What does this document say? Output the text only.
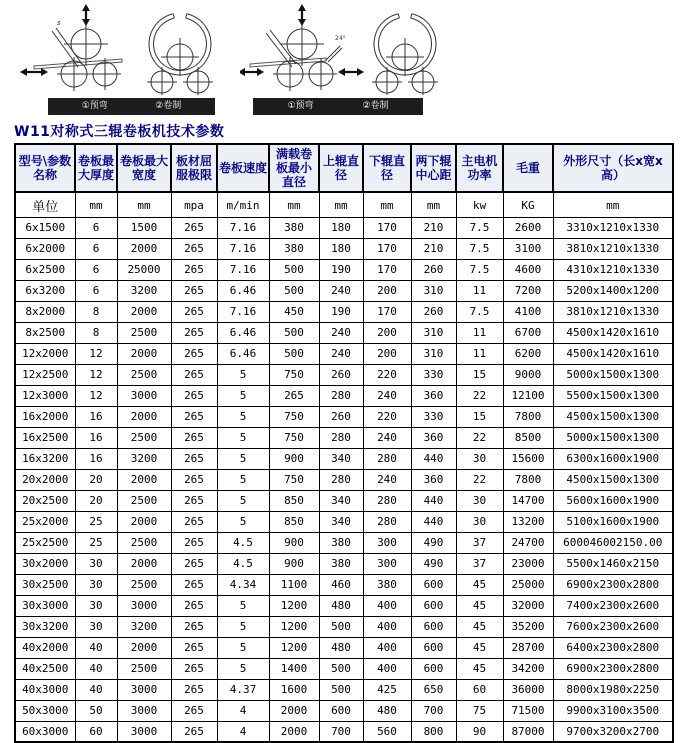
s
①预弯	②卷制
24°
①预弯	②卷制
W11对称式三辊卷板机技术参数
型号\参数名称	卷板最大厚度	卷板最大宽度	板材屈服极限	卷板速度	满载卷板最小直径	上辊直径	下辊直径	两下辊中心距	主电机功率	毛重	外形尺寸（长x宽x高）
单位	mm	mm	mpa	m/min	mm	mm	mm	mm	kw	KG	mm
6x1500	6	1500	265	7.16	380	180	170	210	7.5	2600	3310x1210x1330
6x2000	6	2000	265	7.16	380	180	170	210	7.5	3100	3810x1210x1330
6x2500	6	25000	265	7.16	500	190	170	260	7.5	4600	4310x1210x1330
6x3200	6	3200	265	6.46	500	240	200	310	11	7200	5200x1400x1200
8x2000	8	2000	265	7.16	450	190	170	260	7.5	4100	3810x1210x1330
8x2500	8	2500	265	6.46	500	240	200	310	11	6700	4500x1420x1610
12x2000	12	2000	265	6.46	500	240	200	310	11	6200	4500x1420x1610
12x2500	12	2500	265	5	750	260	220	330	15	9000	5000x1500x1300
12x3000	12	3000	265	5	265	280	240	360	22	12100	5500x1500x1300
16x2000	16	2000	265	5	750	260	220	330	15	7800	4500x1500x1300
16x2500	16	2500	265	5	750	280	240	360	22	8500	5000x1500x1300
16x3200	16	3200	265	5	900	340	280	440	30	15600	6300x1600x1900
20x2000	20	2000	265	5	750	280	240	360	22	7800	4500x1500x1300
20x2500	20	2500	265	5	850	340	280	440	30	14700	5600x1600x1900
25x2000	25	2000	265	5	850	340	280	440	30	13200	5100x1600x1900
25x2500	25	2500	265	4.5	900	380	300	490	37	24700	600046002150.00
30x2000	30	2000	265	4.5	900	380	300	490	37	23000	5500x1460x2150
30x2500	30	2500	265	4.34	1100	460	380	600	45	25000	6900x2300x2800
30x3000	30	3000	265	5	1200	480	400	600	45	32000	7400x2300x2600
30x3200	30	3200	265	5	1200	500	400	600	45	35200	7600x2300x2600
40x2000	40	2000	265	5	1200	480	400	600	45	28700	6400x2300x2800
40x2500	40	2500	265	5	1400	500	400	600	45	34200	6900x2300x2800
40x3000	40	3000	265	4.37	1600	500	425	650	60	36000	8000x1980x2250
50x3000	50	3000	265	4	2000	600	480	700	75	71500	9900x3100x3500
60x3000	60	3000	265	4	2000	700	560	800	90	87000	9700x3200x2700
